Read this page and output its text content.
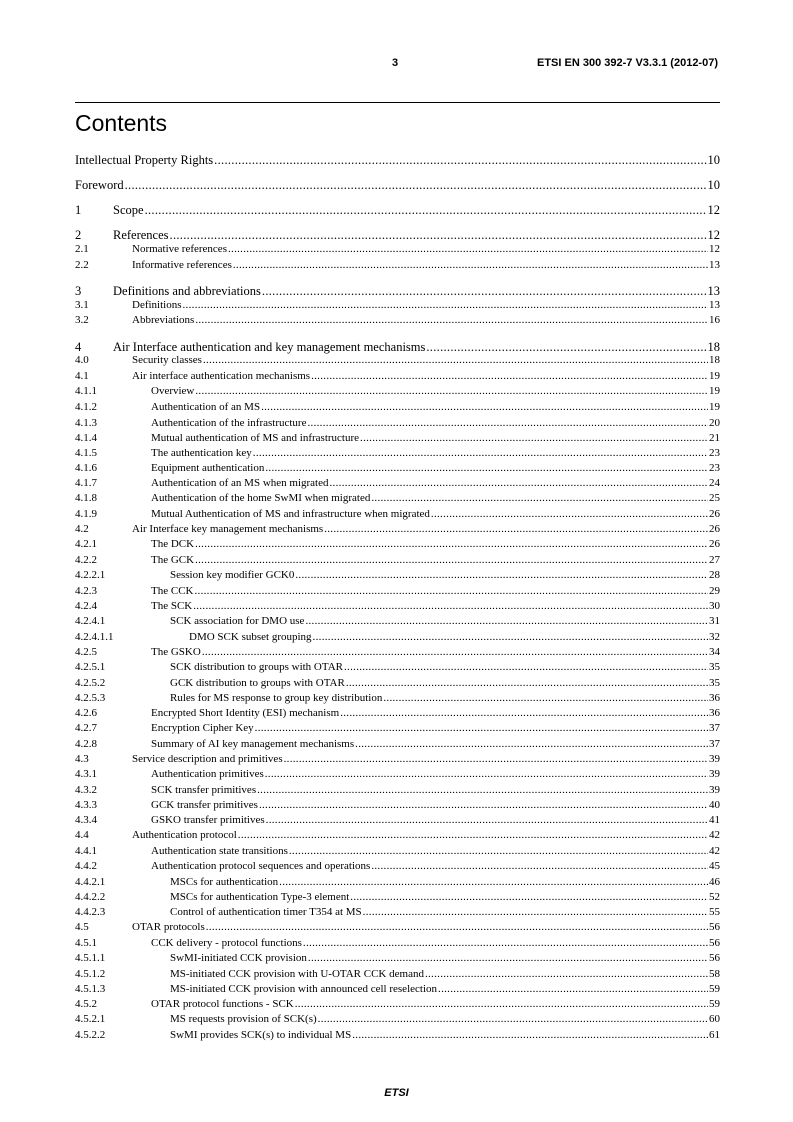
3	ETSI EN 300 392-7 V3.3.1 (2012-07)
Contents
Intellectual Property Rights .....	10
Foreword .....	10
1	Scope .....	12
2	References .....	12
2.1	Normative references .....	12
2.2	Informative references .....	13
3	Definitions and abbreviations .....	13
3.1	Definitions .....	13
3.2	Abbreviations .....	16
4	Air Interface authentication and key management mechanisms .....	18
4.0	Security classes .....	18
4.1	Air interface authentication mechanisms .....	19
4.1.1	Overview .....	19
4.1.2	Authentication of an MS .....	19
4.1.3	Authentication of the infrastructure .....	20
4.1.4	Mutual authentication of MS and infrastructure .....	21
4.1.5	The authentication key .....	23
4.1.6	Equipment authentication .....	23
4.1.7	Authentication of an MS when migrated .....	24
4.1.8	Authentication of the home SwMI when migrated .....	25
4.1.9	Mutual Authentication of MS and infrastructure when migrated .....	26
4.2	Air Interface key management mechanisms .....	26
4.2.1	The DCK .....	26
4.2.2	The GCK .....	27
4.2.2.1	Session key modifier GCK0 .....	28
4.2.3	The CCK .....	29
4.2.4	The SCK .....	30
4.2.4.1	SCK association for DMO use .....	31
4.2.4.1.1	DMO SCK subset grouping .....	32
4.2.5	The GSKO .....	34
4.2.5.1	SCK distribution to groups with OTAR .....	35
4.2.5.2	GCK distribution to groups with OTAR .....	35
4.2.5.3	Rules for MS response to group key distribution .....	36
4.2.6	Encrypted Short Identity (ESI) mechanism .....	36
4.2.7	Encryption Cipher Key .....	37
4.2.8	Summary of AI key management mechanisms .....	37
4.3	Service description and primitives .....	39
4.3.1	Authentication primitives .....	39
4.3.2	SCK transfer primitives .....	39
4.3.3	GCK transfer primitives .....	40
4.3.4	GSKO transfer primitives .....	41
4.4	Authentication protocol .....	42
4.4.1	Authentication state transitions .....	42
4.4.2	Authentication protocol sequences and operations .....	45
4.4.2.1	MSCs for authentication .....	46
4.4.2.2	MSCs for authentication Type-3 element .....	52
4.4.2.3	Control of authentication timer T354 at MS .....	55
4.5	OTAR protocols .....	56
4.5.1	CCK delivery - protocol functions .....	56
4.5.1.1	SwMI-initiated CCK provision .....	56
4.5.1.2	MS-initiated CCK provision with U-OTAR CCK demand .....	58
4.5.1.3	MS-initiated CCK provision with announced cell reselection .....	59
4.5.2	OTAR protocol functions - SCK .....	59
4.5.2.1	MS requests provision of SCK(s) .....	60
4.5.2.2	SwMI provides SCK(s) to individual MS .....	61
ETSI
